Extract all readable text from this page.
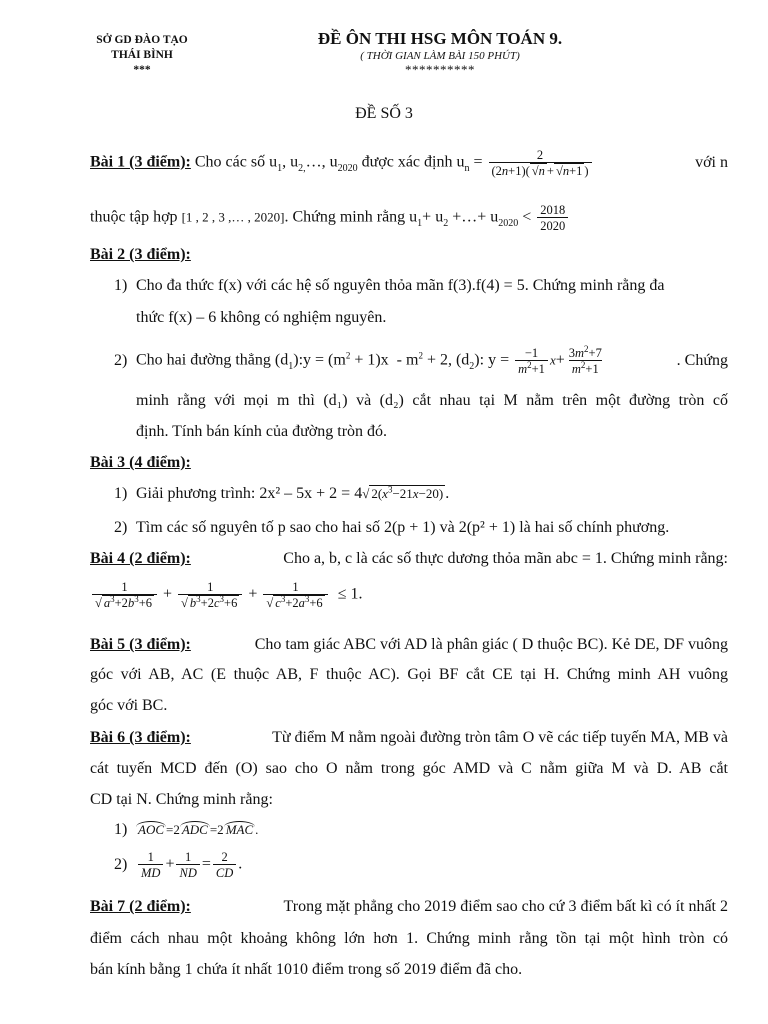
SỞ GD ĐÀO TẠO
THÁI BÌNH
***
ĐỀ ÔN THI HSG MÔN TOÁN 9.
( THỜI GIAN LÀM BÀI 150 PHÚT)
**********
ĐỀ SỐ 3
Bài 1 (3 điểm): Cho các số $u_1$, $u_{2,}\dots$, $u_{2020}$ được xác định $u_n = \frac{2}{(2n+1)( √n + √n+1 )}$	với n
thuộc tập hợp [1 , 2 , 3 ,… , 2020]. Chứng minh rằng $u_1+ u_2$ +…+ $u_{2020} < \frac{2018}{2020}$
Bài 2 (3 điểm):
1) Cho đa thức f(x) với các hệ số nguyên thỏa mãn f(3).f(4) = 5. Chứng minh rằng đa
thức f(x) – 6 không có nghiệm nguyên.
2) Cho hai đường thẳng $(d_1):y = (m^2 + 1)x - m^2 + 2$, $(d_2)$: $y = \frac{-1}{m^2+1} x+ \frac{3m^2+7}{m^2+1}$	. Chứng
minh rằng với mọi m thì (d₁) và (d₂) cắt nhau tại M nằm trên một đường tròn cố
định. Tính bán kính của đường tròn đó.
Bài 3 (4 điểm):
1) Giải phương trình: 2x² – 5x + 2 = 4√ $2(x^3-21x-20)$ .
2) Tìm các số nguyên tố p sao cho hai số 2(p + 1) và 2(p² + 1) là hai số chính phương.
Bài 4 (2 điểm):	Cho a, b, c là các số thực dương thỏa mãn abc = 1. Chứng minh rằng:
$\frac{1}{√ a^3+2b^3+6} + \frac{1}{√ b^3+2c^3+6} + \frac{1}{√ c^3+2a^3+6} \le 1$.
Bài 5 (3 điểm):	Cho tam giác ABC với AD là phân giác ( D thuộc BC). Kẻ DE, DF vuông
góc với AB, AC (E thuộc AB, F thuộc AC). Gọi BF cắt CE tại H. Chứng minh AH vuông
góc với BC.
Bài 6 (3 điểm):	Từ điểm M nằm ngoài đường tròn tâm O vẽ các tiếp tuyến MA, MB và
cát tuyến MCD đến (O) sao cho O nằm trong góc AMD và C nằm giữa M và D. AB cắt
CD tại N. Chứng minh rằng:
1) AOC =2 ADC =2 MAC .
$2) \frac{1}{MD} + \frac{1}{ND} = \frac{2}{CD}$ .
Bài 7 (2 điểm):	Trong mặt phẳng cho 2019 điểm sao cho cứ 3 điểm bất kì có ít nhất 2
điểm cách nhau một khoảng không lớn hơn 1. Chứng minh rằng tồn tại một hình tròn có
bán kính bằng 1 chứa ít nhất 1010 điểm trong số 2019 điểm đã cho.
